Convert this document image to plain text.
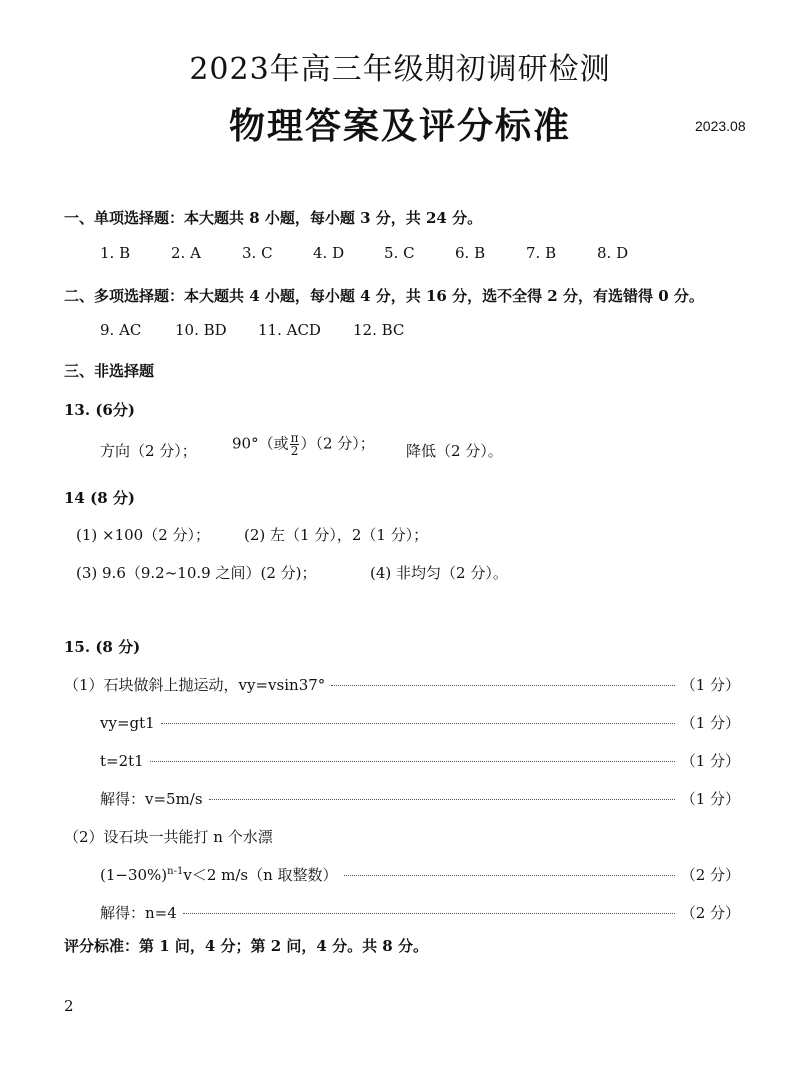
2023年高三年级期初调研检测
物理答案及评分标准	2023.08
一、单项选择题：本大题共 8 小题，每小题 3 分，共 24 分。
1. B	2. A	3. C	4. D	5. C	6. B	7. B	8. D
二、多项选择题：本大题共 4 小题，每小题 4 分，共 16 分，选不全得 2 分，有选错得 0 分。
9. AC 10. BD 11. ACD 12. BC
三、非选择题
13. (6分)
方向（2 分）； 90°（或 $\frac{\pi}{2} )(2$ 分）； 降低（2 分）。
14 (8 分)
(1) ×100（2 分）； (2) 左（1 分），2（1 分）；
(3) 9.6（9.2~10.9 之间）(2 分)；	(4) 非均匀（2 分）。
15. (8 分)
（1）石块做斜上抛运动，vy=vsin37°	（1 分）
vy=gt1	（1 分）
t=2t1	（1 分）
解得：v=5m/s	（1 分）
（2）设石块一共能打 n 个水漂
$(1-30\%)^{n-1}v<2$ m/s（n 取整数）	（2 分）
解得：n=4	（2 分）
评分标准：第 1 问，4 分；第 2 问，4 分。共 8 分。
2
